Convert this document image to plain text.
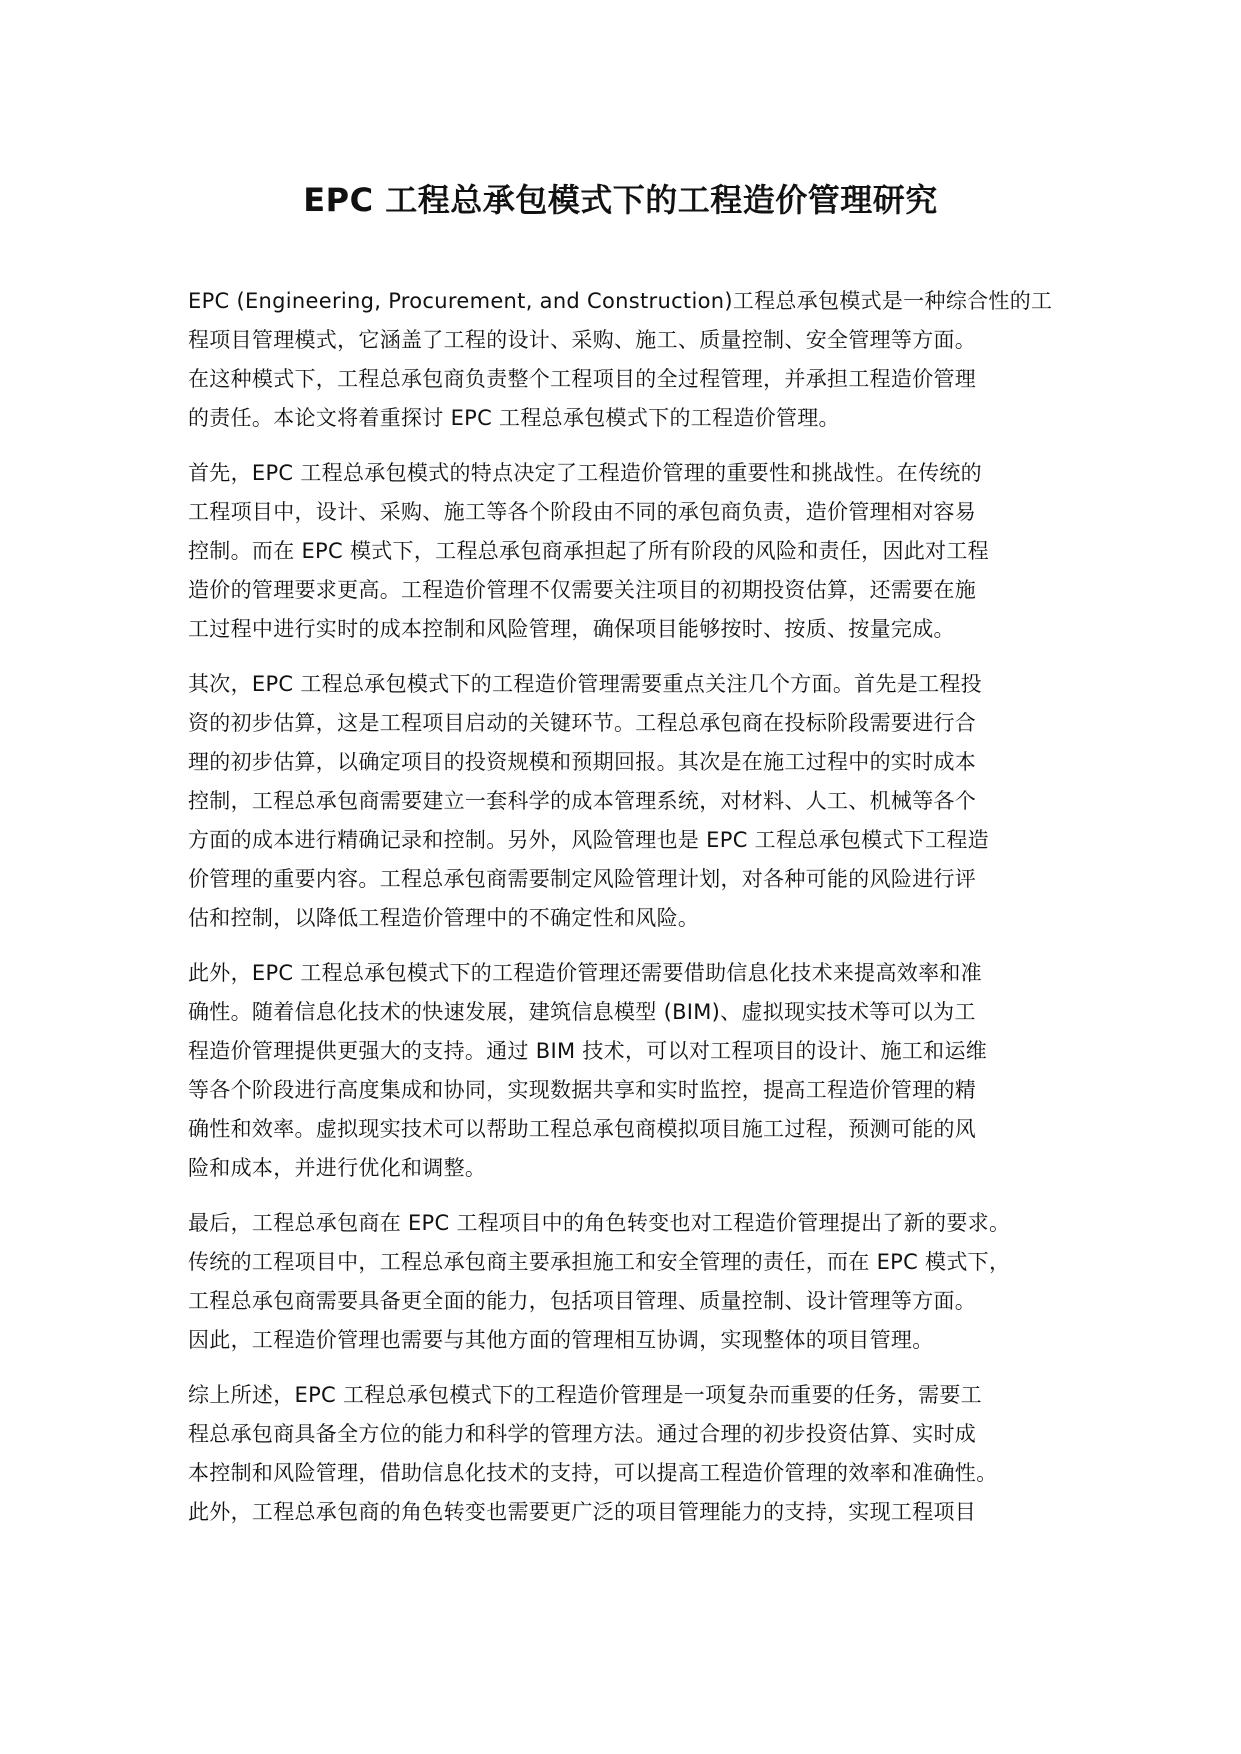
EPC 工程总承包模式下的工程造价管理研究
EPC (Engineering, Procurement, and Construction)工程总承包模式是一种综合性的工
程项目管理模式，它涵盖了工程的设计、采购、施工、质量控制、安全管理等方面。
在这种模式下，工程总承包商负责整个工程项目的全过程管理，并承担工程造价管理
的责任。本论文将着重探讨 EPC 工程总承包模式下的工程造价管理。
首先，EPC 工程总承包模式的特点决定了工程造价管理的重要性和挑战性。在传统的
工程项目中，设计、采购、施工等各个阶段由不同的承包商负责，造价管理相对容易
控制。而在 EPC 模式下，工程总承包商承担起了所有阶段的风险和责任，因此对工程
造价的管理要求更高。工程造价管理不仅需要关注项目的初期投资估算，还需要在施
工过程中进行实时的成本控制和风险管理，确保项目能够按时、按质、按量完成。
其次，EPC 工程总承包模式下的工程造价管理需要重点关注几个方面。首先是工程投
资的初步估算，这是工程项目启动的关键环节。工程总承包商在投标阶段需要进行合
理的初步估算，以确定项目的投资规模和预期回报。其次是在施工过程中的实时成本
控制，工程总承包商需要建立一套科学的成本管理系统，对材料、人工、机械等各个
方面的成本进行精确记录和控制。另外，风险管理也是 EPC 工程总承包模式下工程造
价管理的重要内容。工程总承包商需要制定风险管理计划，对各种可能的风险进行评
估和控制，以降低工程造价管理中的不确定性和风险。
此外，EPC 工程总承包模式下的工程造价管理还需要借助信息化技术来提高效率和准
确性。随着信息化技术的快速发展，建筑信息模型 (BIM)、虚拟现实技术等可以为工
程造价管理提供更强大的支持。通过 BIM 技术，可以对工程项目的设计、施工和运维
等各个阶段进行高度集成和协同，实现数据共享和实时监控，提高工程造价管理的精
确性和效率。虚拟现实技术可以帮助工程总承包商模拟项目施工过程，预测可能的风
险和成本，并进行优化和调整。
最后，工程总承包商在 EPC 工程项目中的角色转变也对工程造价管理提出了新的要求。
传统的工程项目中，工程总承包商主要承担施工和安全管理的责任，而在 EPC 模式下，
工程总承包商需要具备更全面的能力，包括项目管理、质量控制、设计管理等方面。
因此，工程造价管理也需要与其他方面的管理相互协调，实现整体的项目管理。
综上所述，EPC 工程总承包模式下的工程造价管理是一项复杂而重要的任务，需要工
程总承包商具备全方位的能力和科学的管理方法。通过合理的初步投资估算、实时成
本控制和风险管理，借助信息化技术的支持，可以提高工程造价管理的效率和准确性。
此外，工程总承包商的角色转变也需要更广泛的项目管理能力的支持，实现工程项目
